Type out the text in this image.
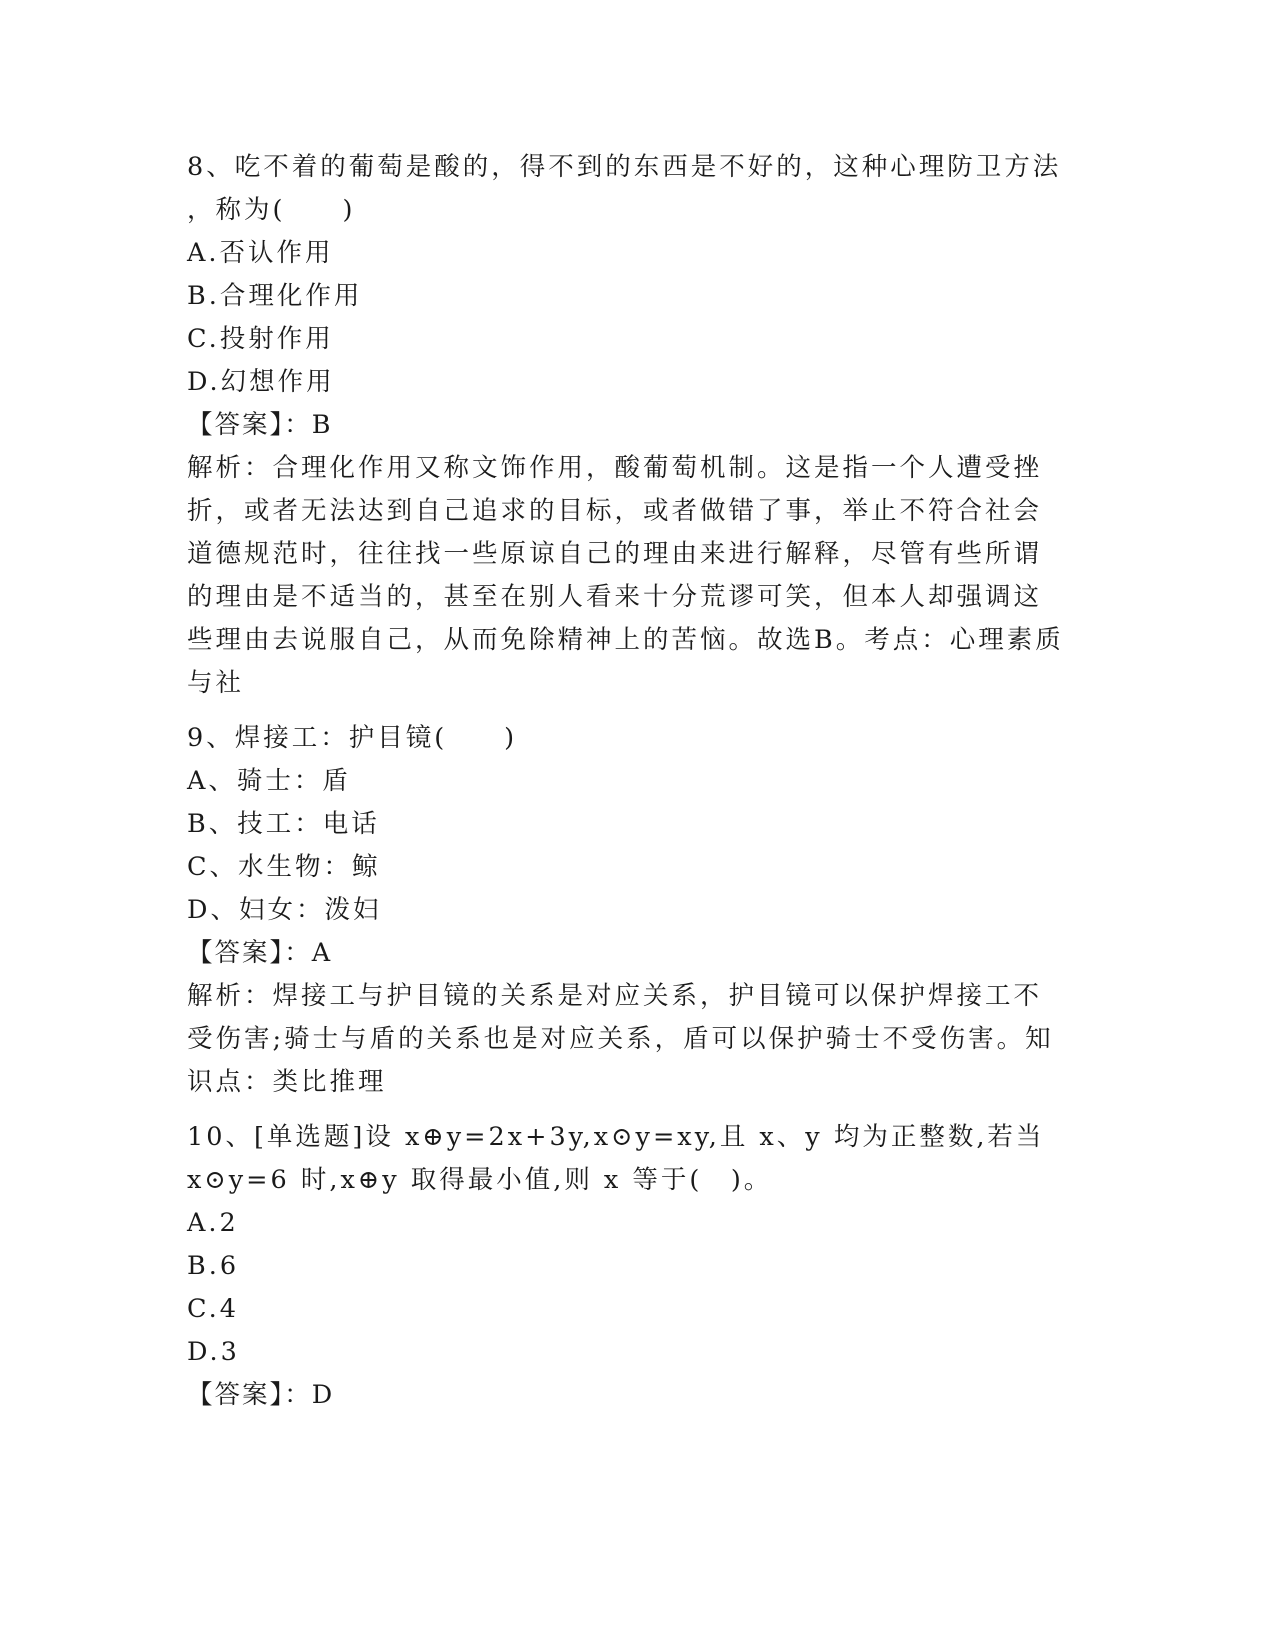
8、吃不着的葡萄是酸的，得不到的东西是不好的，这种心理防卫方法
，称为(　　)
A.否认作用
B.合理化作用
C.投射作用
D.幻想作用
【答案】：B
解析：合理化作用又称文饰作用，酸葡萄机制。这是指一个人遭受挫
折，或者无法达到自己追求的目标，或者做错了事，举止不符合社会
道德规范时，往往找一些原谅自己的理由来进行解释，尽管有些所谓
的理由是不适当的，甚至在别人看来十分荒谬可笑，但本人却强调这
些理由去说服自己，从而免除精神上的苦恼。故选B。考点：心理素质
与社
9、焊接工：护目镜(　　)
A、骑士：盾
B、技工：电话
C、水生物：鲸
D、妇女：泼妇
【答案】：A
解析：焊接工与护目镜的关系是对应关系，护目镜可以保护焊接工不
受伤害;骑士与盾的关系也是对应关系，盾可以保护骑士不受伤害。知
识点：类比推理
10、[单选题]设 x⊕y=2x+3y,x⊙y=xy,且 x、y 均为正整数,若当
x⊙y=6 时,x⊕y 取得最小值,则 x 等于(　)。
A.2
B.6
C.4
D.3
【答案】：D
